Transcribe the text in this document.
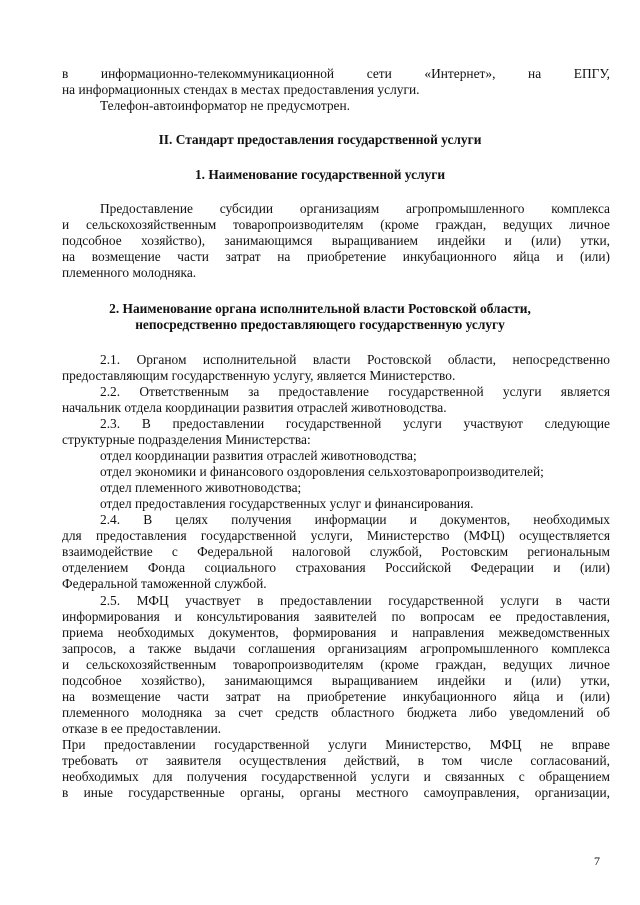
в информационно-телекоммуникационной сети «Интернет», на ЕПГУ,
на информационных стендах в местах предоставления услуги.
Телефон-автоинформатор не предусмотрен.
II. Стандарт предоставления государственной услуги
1. Наименование государственной услуги
Предоставление субсидии организациям агропромышленного комплекса
и сельскохозяйственным товаропроизводителям (кроме граждан, ведущих личное
подсобное хозяйство), занимающимся выращиванием индейки и (или) утки,
на возмещение части затрат на приобретение инкубационного яйца и (или)
племенного молодняка.
2. Наименование органа исполнительной власти Ростовской области,
непосредственно предоставляющего государственную услугу
2.1. Органом исполнительной власти Ростовской области, непосредственно
предоставляющим государственную услугу, является Министерство.
2.2. Ответственным за предоставление государственной услуги является
начальник отдела координации развития отраслей животноводства.
2.3. В предоставлении государственной услуги участвуют следующие
структурные подразделения Министерства:
отдел координации развития отраслей животноводства;
отдел экономики и финансового оздоровления сельхозтоваропроизводителей;
отдел племенного животноводства;
отдел предоставления государственных услуг и финансирования.
2.4. В целях получения информации и документов, необходимых
для предоставления государственной услуги, Министерство (МФЦ) осуществляется
взаимодействие с Федеральной налоговой службой, Ростовским региональным
отделением Фонда социального страхования Российской Федерации и (или)
Федеральной таможенной службой.
2.5. МФЦ участвует в предоставлении государственной услуги в части
информирования и консультирования заявителей по вопросам ее предоставления,
приема необходимых документов, формирования и направления межведомственных
запросов, а также выдачи соглашения организациям агропромышленного комплекса
и сельскохозяйственным товаропроизводителям (кроме граждан, ведущих личное
подсобное хозяйство), занимающимся выращиванием индейки и (или) утки,
на возмещение части затрат на приобретение инкубационного яйца и (или)
племенного молодняка за счет средств областного бюджета либо уведомлений об
отказе в ее предоставлении.
При предоставлении государственной услуги Министерство, МФЦ не вправе
требовать от заявителя осуществления действий, в том числе согласований,
необходимых для получения государственной услуги и связанных с обращением
в иные государственные органы, органы местного самоуправления, организации,
7
